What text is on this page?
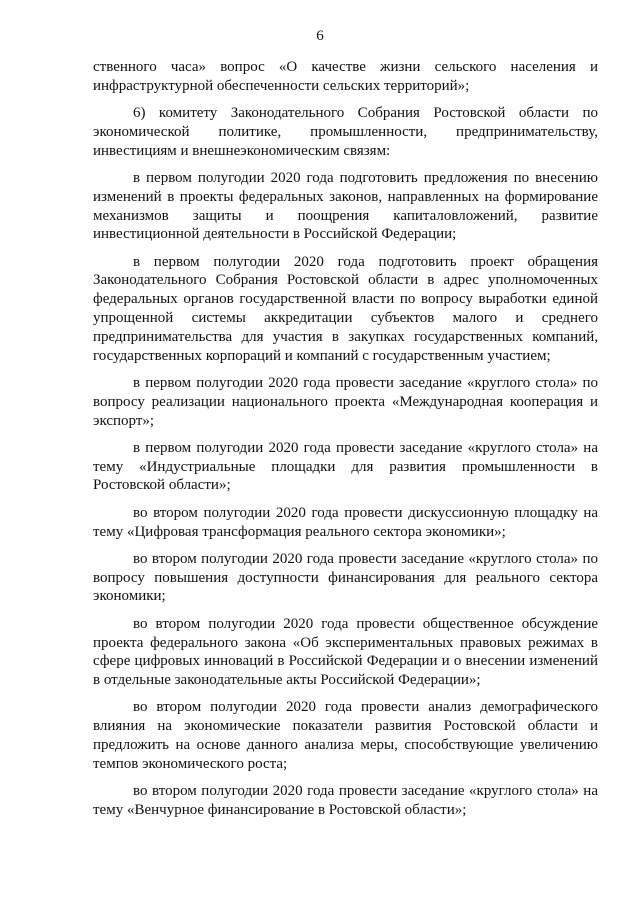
6

ственного часа» вопрос «О качестве жизни сельского населения и инфраструктурной обеспеченности сельских территорий»;

6) комитету Законодательного Собрания Ростовской области по экономической политике, промышленности, предпринимательству, инвестициям и внешнеэкономическим связям:

в первом полугодии 2020 года подготовить предложения по внесению изменений в проекты федеральных законов, направленных на формирование механизмов защиты и поощрения капиталовложений, развитие инвестиционной деятельности в Российской Федерации;

в первом полугодии 2020 года подготовить проект обращения Законодательного Собрания Ростовской области в адрес уполномоченных федеральных органов государственной власти по вопросу выработки единой упрощенной системы аккредитации субъектов малого и среднего предпринимательства для участия в закупках государственных компаний, государственных корпораций и компаний с государственным участием;

в первом полугодии 2020 года провести заседание «круглого стола» по вопросу реализации национального проекта «Международная кооперация и экспорт»;

в первом полугодии 2020 года провести заседание «круглого стола» на тему «Индустриальные площадки для развития промышленности в Ростовской области»;

во втором полугодии 2020 года провести дискуссионную площадку на тему «Цифровая трансформация реального сектора экономики»;

во втором полугодии 2020 года провести заседание «круглого стола» по вопросу повышения доступности финансирования для реального сектора экономики;

во втором полугодии 2020 года провести общественное обсуждение проекта федерального закона «Об экспериментальных правовых режимах в сфере цифровых инноваций в Российской Федерации и о внесении изменений в отдельные законодательные акты Российской Федерации»;

во втором полугодии 2020 года провести анализ демографического влияния на экономические показатели развития Ростовской области и предложить на основе данного анализа меры, способствующие увеличению темпов экономического роста;

во втором полугодии 2020 года провести заседание «круглого стола» на тему «Венчурное финансирование в Ростовской области»;
